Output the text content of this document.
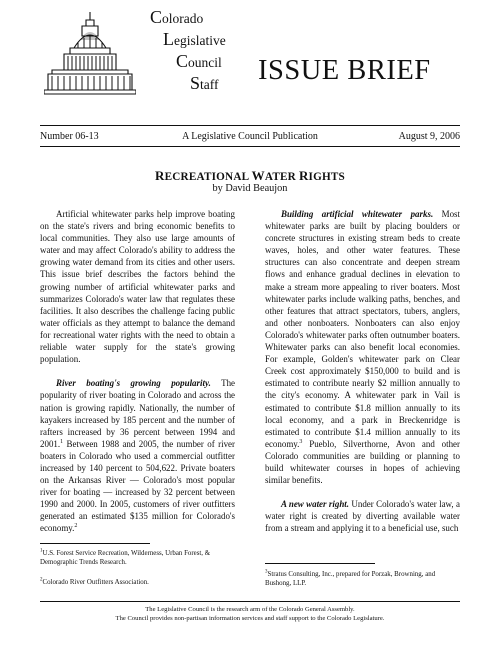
Colorado
Legislative
Council
Staff ISSUE BRIEF
Number 06-13	A Legislative Council Publication	August 9, 2006
RECREATIONAL WATER RIGHTS
by David Beaujon

Artificial whitewater parks help improve boating on the state's rivers and bring economic benefits to local communities. They also use large amounts of water and may affect Colorado's ability to address the growing water demand from its cities and other users. This issue brief describes the factors behind the growing number of artificial whitewater parks and summarizes Colorado's water law that regulates these facilities. It also describes the challenge facing public water officials as they attempt to balance the demand for recreational water rights with the need to obtain a reliable water supply for the state's growing population.

River boating's growing popularity. The popularity of river boating in Colorado and across the nation is growing rapidly. Nationally, the number of kayakers increased by 185 percent and the number of rafters increased by 36 percent between 1994 and 2001.$^1$ Between 1988 and 2005, the number of river boaters in Colorado who used a commercial outfitter increased by 140 percent to 504,622. Private boaters on the Arkansas River — Colorado's most popular river for boating — increased by 32 percent between 1990 and 2000. In 2005, customers of river outfitters generated an estimated $135 million for Colorado's economy.$^2$

Building artificial whitewater parks. Most whitewater parks are built by placing boulders or concrete structures in existing stream beds to create waves, holes, and other water features. These structures can also concentrate and deepen stream flows and enhance gradual declines in elevation to make a stream more appealing to river boaters. Most whitewater parks include walking paths, benches, and other features that attract spectators, tubers, anglers, and other nonboaters. Nonboaters can also enjoy Colorado's whitewater parks often outnumber boaters. Whitewater parks can also benefit local economies. For example, Golden's whitewater park on Clear Creek cost approximately $150,000 to build and is estimated to contribute nearly $2 million annually to the city's economy. A whitewater park in Vail is estimated to contribute $1.8 million annually to its local economy, and a park in Breckenridge is estimated to contribute $1.4 million annually to its economy.$^3$ Pueblo, Silverthorne, Avon and other Colorado communities are building or planning to build whitewater courses in hopes of achieving similar benefits.

A new water right. Under Colorado's water law, a water right is created by diverting available water from a stream and applying it to a beneficial use, such

$^1$U.S. Forest Service Recreation, Wilderness, Urban Forest, & Demographic Trends Research.
$^2$Colorado River Outfitters Association.
$^3$Stratus Consulting, Inc., prepared for Porzak, Browning, and Bushong, LLP.
The Legislative Council is the research arm of the Colorado General Assembly.
The Council provides non-partisan information services and staff support to the Colorado Legislature.
